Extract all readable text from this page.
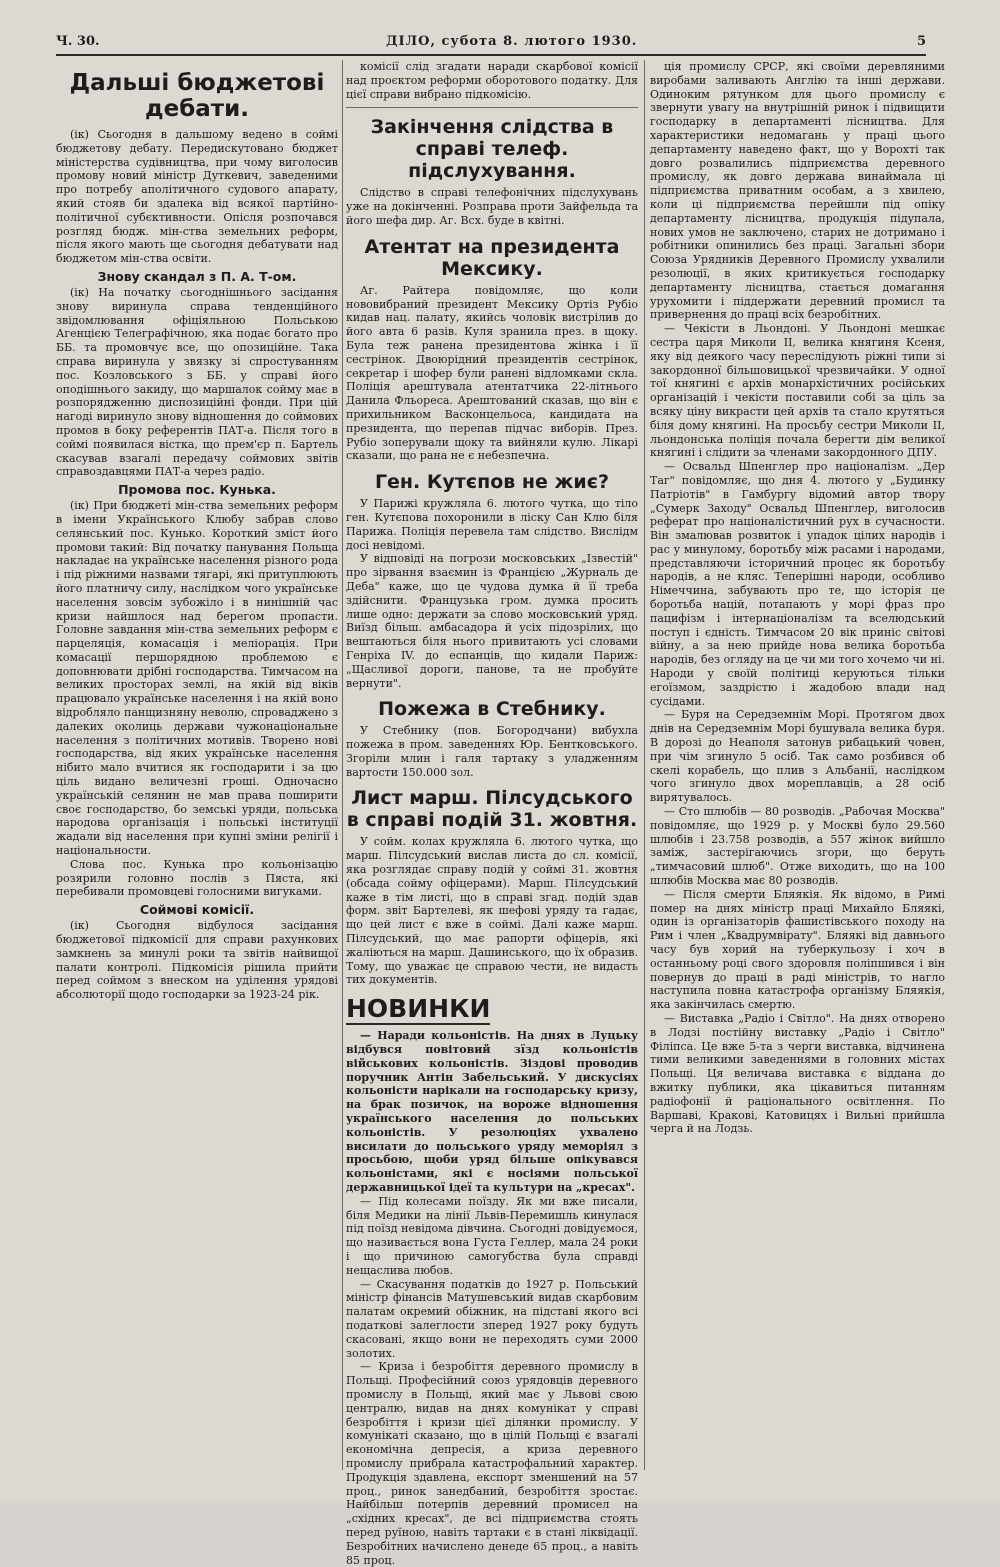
Ч. 30.	ДІЛО, субота 8. лютого 1930.	5
Дальші бюджетові дебати.

(ік) Сьогодня в дальшому ведено в соймі бюджетову дебату. Передискутовано бюджет міністерства судівництва, при чому виголосив промову новий міністр Дуткевич, заведеними про потребу аполітичного судового апарату, який стояв би здалека від всякої партійно-політичної субєктивности. Опісля розпочався розгляд бюдж. мін-ства земельних реформ, після якого мають ще сьогодня дебатувати над бюджетом мін-ства освіти.

Знову скандал з П. А. Т-ом.

(ік) На початку сьогоднішнього засідання знову виринула справа тенденційного звідомлювання офіціяльною Польською Агенцією Телеграфічною, яка подає богато про ББ. та промовчує все, що опозиційне. Така справа виринула у звязку зі спростуванням пос. Козловського з ББ. у справі його оподішнього закиду, що маршалок сойму має в розпорядженню диспозиційні фонди. При цій нагоді виринуло знову відношення до соймових промов в боку референтів ПАТ-а. Після того в соймі появилася вістка, що прем'єр п. Бартель скасував взагалі передачу соймових звітів справоздавцями ПАТ-а через радіо.

Промова пос. Кунька.

(ік) При бюджеті мін-ства земельних реформ в імени Українського Клюбу забрав слово селянський пос. Кунько. Короткий зміст його промови такий: Від початку панування Польща накладає на українське населення різного рода і під ріжними назвами тягарі, які притуплюють його платничу силу, наслідком чого українське населення зовсім зубожіло і в нинішній час кризи найшлося над берегом пропасти. Головне завдання мін-ства земельних реформ є парцеляція, комасація і меліорація. При комасації першорядною проблемою є доповнювати дрібні господарства. Тимчасом на великих просторах землі, на якій від віків працювало українське населення і на якій воно відробляло панщизняну неволю, спроваджено з далеких околиць держави чужонаціональне населення з політичних мотивів. Творено нові господарства, від яких українське населення нібито мало вчитися як господарити і за цю ціль видано величезні гроші. Одночасно українській селянин не мав права поширити своє господарство, бо земські уряди, польська народова організація і польські інституції жадали від населення при купні зміни релігії і національности.

Слова пос. Кунька про кольонізацію розярили головно послів з Пяста, які перебивали промовцеві голосними вигуками.

Соймові комісії.

(ік) Сьогодня відбулося засідання бюджетової підкомісії для справи рахункових замкнень за минулі роки та звітів найвищої палати контролі. Підкомісія рішила прийти перед соймом з внеском на уділення урядові абсолюторії щодо господарки за 1923-24 рік.

комісії слід згадати наради скарбової комісії над проєктом реформи оборотового податку. Для цієї справи вибрано підкомісію.

Закінчення слідства в справі телеф. підслухування.

Слідство в справі телефонічних підслухувань уже на докінченні. Розправа проти Зайфельда та його шефа дир. Аг. Всх. буде в квітні.

Атентат на президента Мексику.

Аг. Райтера повідомляє, що коли нововибраний президент Мексику Ортіз Рубіо кидав нац. палату, якийсь чоловік вистрілив до його авта 6 разів. Куля зранила през. в щоку. Була теж ранена президентова жінка і її сестрінок. Двоюрідний президентів сестрінок, секретар і шофер були ранені відломками скла. Поліція арештувала атентатчика 22-літнього Данила Фльореса. Арештований сказав, що він є прихильником Васконцельоса, кандидата на президента, що перепав підчас виборів. През. Рубіо зоперували щоку та вийняли кулю. Лікарі сказали, що рана не є небезпечна.

Ген. Кутєпов не жиє?

У Парижі кружляла 6. лютого чутка, що тіло ген. Кутєпова похоронили в ліску Сан Клю біля Парижа. Поліція перевела там слідство. Вислідм досі невідомі.

У відповіді на погрози московських „Ізвестій" про зірвання взаємин із Францією „Журналь де Деба" каже, що це чудова думка й її треба здійснити. Французька гром. думка просить лише одно: держати за слово московський уряд. Виїзд більш. амбасадора й усіх підозрілих, що вештаються біля нього привитають усі словами Генріха IV. до еспанців, що кидали Париж: „Щасливої дороги, панове, та не пробуйте вернути".

Пожежа в Стебнику.

У Стебнику (пов. Богородчани) вибухла пожежа в пром. заведеннях Юр. Бентковського. Згоріли млин і галя тартаку з уладженням вартости 150.000 зол.

Лист марш. Пілсудського в справі подій 31. жовтня.

У сойм. колах кружляла 6. лютого чутка, що марш. Пілсудський вислав листа до сл. комісії, яка розглядає справу подій у соймі 31. жовтня (обсада сойму офіцерами). Марш. Пілсудський каже в тім листі, що в справі згад. подій здав форм. звіт Бартелеві, як шефові уряду та гадає, що цей лист є вже в соймі. Далі каже марш. Пілсудський, що має рапорти офіцерів, які жаліються на марш. Дашинського, що їх образив. Тому, що уважає це справою чести, не видасть тих документів.

НОВИНКИ

— Наради кольоністів. На днях в Луцьку відбувся повітовий зїзд кольоністів військових кольоністів. Зіздові проводив поручник Антін Забельський. У дискусіях кольоністи нарікали на господарську кризу, на брак позичок, на вороже відношення українського населення до польських кольоністів. У резолюціях ухвалено висилати до польського уряду меморіял з просьбою, щоби уряд більше опікувався кольоністами, які є носіями польської державницької ідеї та культури на „кресах".

— Під колесами поїзду. Як ми вже писали, біля Медики на лінії Львів-Перемишль кинулася під поїзд невідома дівчина. Сьогодні довідуємося, що називається вона Густа Геллер, мала 24 роки і що причиною самогубства була справді нещаслива любов.

— Скасування податків до 1927 р. Польський міністр фінансів Матушевський видав скарбовим палатам окремий обіжник, на підставі якого всі податкові залеглости зперед 1927 року будуть скасовані, якщо вони не переходять суми 2000 золотих.

— Криза і безробіття деревного промислу в Польщі. Професійний союз урядовців деревного промислу в Польщі, який має у Львові свою централю, видав на днях комунікат у справі безробіття і кризи цієї ділянки промислу. У комунікаті сказано, що в цілій Польщі є взагалі економічна депресія, а криза деревного промислу прибрала катастрофальний характер. Продукція здавлена, експорт зменшений на 57 проц., ринок занедбаний, безробіття зростає. Найбільш потерпів деревний промисел на „східних кресах", де всі підприємства стоять перед руїною, навіть тартаки є в стані ліквідації. Безробітних начислено денеде 65 проц., а навіть 85 проц.

ція промислу СРСР, які своїми деревляними виробами заливають Англію та інші держави. Одиноким рятунком для цього промислу є звернути увагу на внутрішній ринок і підвищити господарку в департаменті лісництва. Для характеристики недомагань у праці цього департаменту наведено факт, що у Ворохті так довго розвалились підприємства деревного промислу, як довго держава винаймала ці підприємства приватним особам, а з хвилею, коли ці підприємства перейшли під опіку департаменту лісництва, продукція підупала, нових умов не заключено, старих не дотримано і робітники опинились без праці. Загальні збори Союза Урядників Деревного Промислу ухвалили резолюції, в яких критикується господарку департаменту лісництва, стається домагання урухомити і піддержати деревний промисл та привернення до праці всіх безробітних.

— Чекісти в Льондоні. У Льондоні мешкає сестра царя Миколи II, велика княгиня Ксеня, яку від деякого часу переслідують ріжні типи зі закордонної більшовицької чрезвичайки. У одної тої княгині є архів монархістичних російських організацій і чекісти поставили собі за ціль за всяку ціну викрасти цей архів та стало крутяться біля дому княгині. На просьбу сестри Миколи II, льондонська поліція почала берегти дім великої княгині і слідити за членами закордонного ДПУ.

— Освальд Шпенглер про націоналізм. „Дер Таг" повідомляє, що дня 4. лютого у „Будинку Патріотів" в Гамбургу відомий автор твору „Сумерк Заходу" Освальд Шпенглер, виголосив реферат про націоналістичний рух в сучасности. Він змалював розвиток і упадок цілих народів і рас у минулому, боротьбу між расами і народами, представляючи історичний процес як боротьбу народів, а не кляс. Теперішні народи, особливо Німеччина, забувають про те, що історія це боротьба націй, потапають у морі фраз про пацифізм і інтернаціоналізм та вселюдський поступ і єдність. Тимчасом 20 вік приніс світові війну, а за нею прийде нова велика боротьба народів, без огляду на це чи ми того хочемо чи ні. Народи у своїй політиці керуються тільки егоїзмом, заздрістю і жадобою влади над сусідами.

— Буря на Середземнім Морі. Протягом двох днів на Середземнім Морі бушувала велика буря. В дорозі до Неаполя затонув рибацький човен, при чім згинуло 5 осіб. Так само розбився об скелі корабель, що плив з Альбанії, наслідком чого згинуло двох мореплавців, а 28 осіб вирятувалось.

— Сто шлюбів — 80 розводів. „Рабочая Москва" повідомляє, що 1929 р. у Москві було 29.560 шлюбів і 23.758 розводів, а 557 жінок вийшло заміж, застерігаючись згори, що беруть „тимчасовий шлюб". Отже виходить, що на 100 шлюбів Москва має 80 розводів.

— Після смерти Бляякія. Як відомо, в Римі помер на днях міністр праці Михайло Бляякі, один із організаторів фашистівського походу на Рим і член „Квадрумвірату". Бляякі від давнього часу був хорий на туберкульозу і хоч в останньому році свого здоровля поліпшився і він повернув до праці в раді міністрів, то нагло наступила повна катастрофа організму Бляякія, яка закінчилась смертю.

— Виставка „Радіо і Світло". На днях отворено в Лодзі постійну виставку „Радіо і Світло" Філіпса. Це вже 5-та з черги виставка, відчинена тими великими заведеннями в головних містах Польщі. Ця величава виставка є віддана до вжитку публики, яка цікавиться питанням радіофонії й раціонального освітлення. По Варшаві, Кракові, Катовицях і Вильні прийшла черга й на Лодзь.
